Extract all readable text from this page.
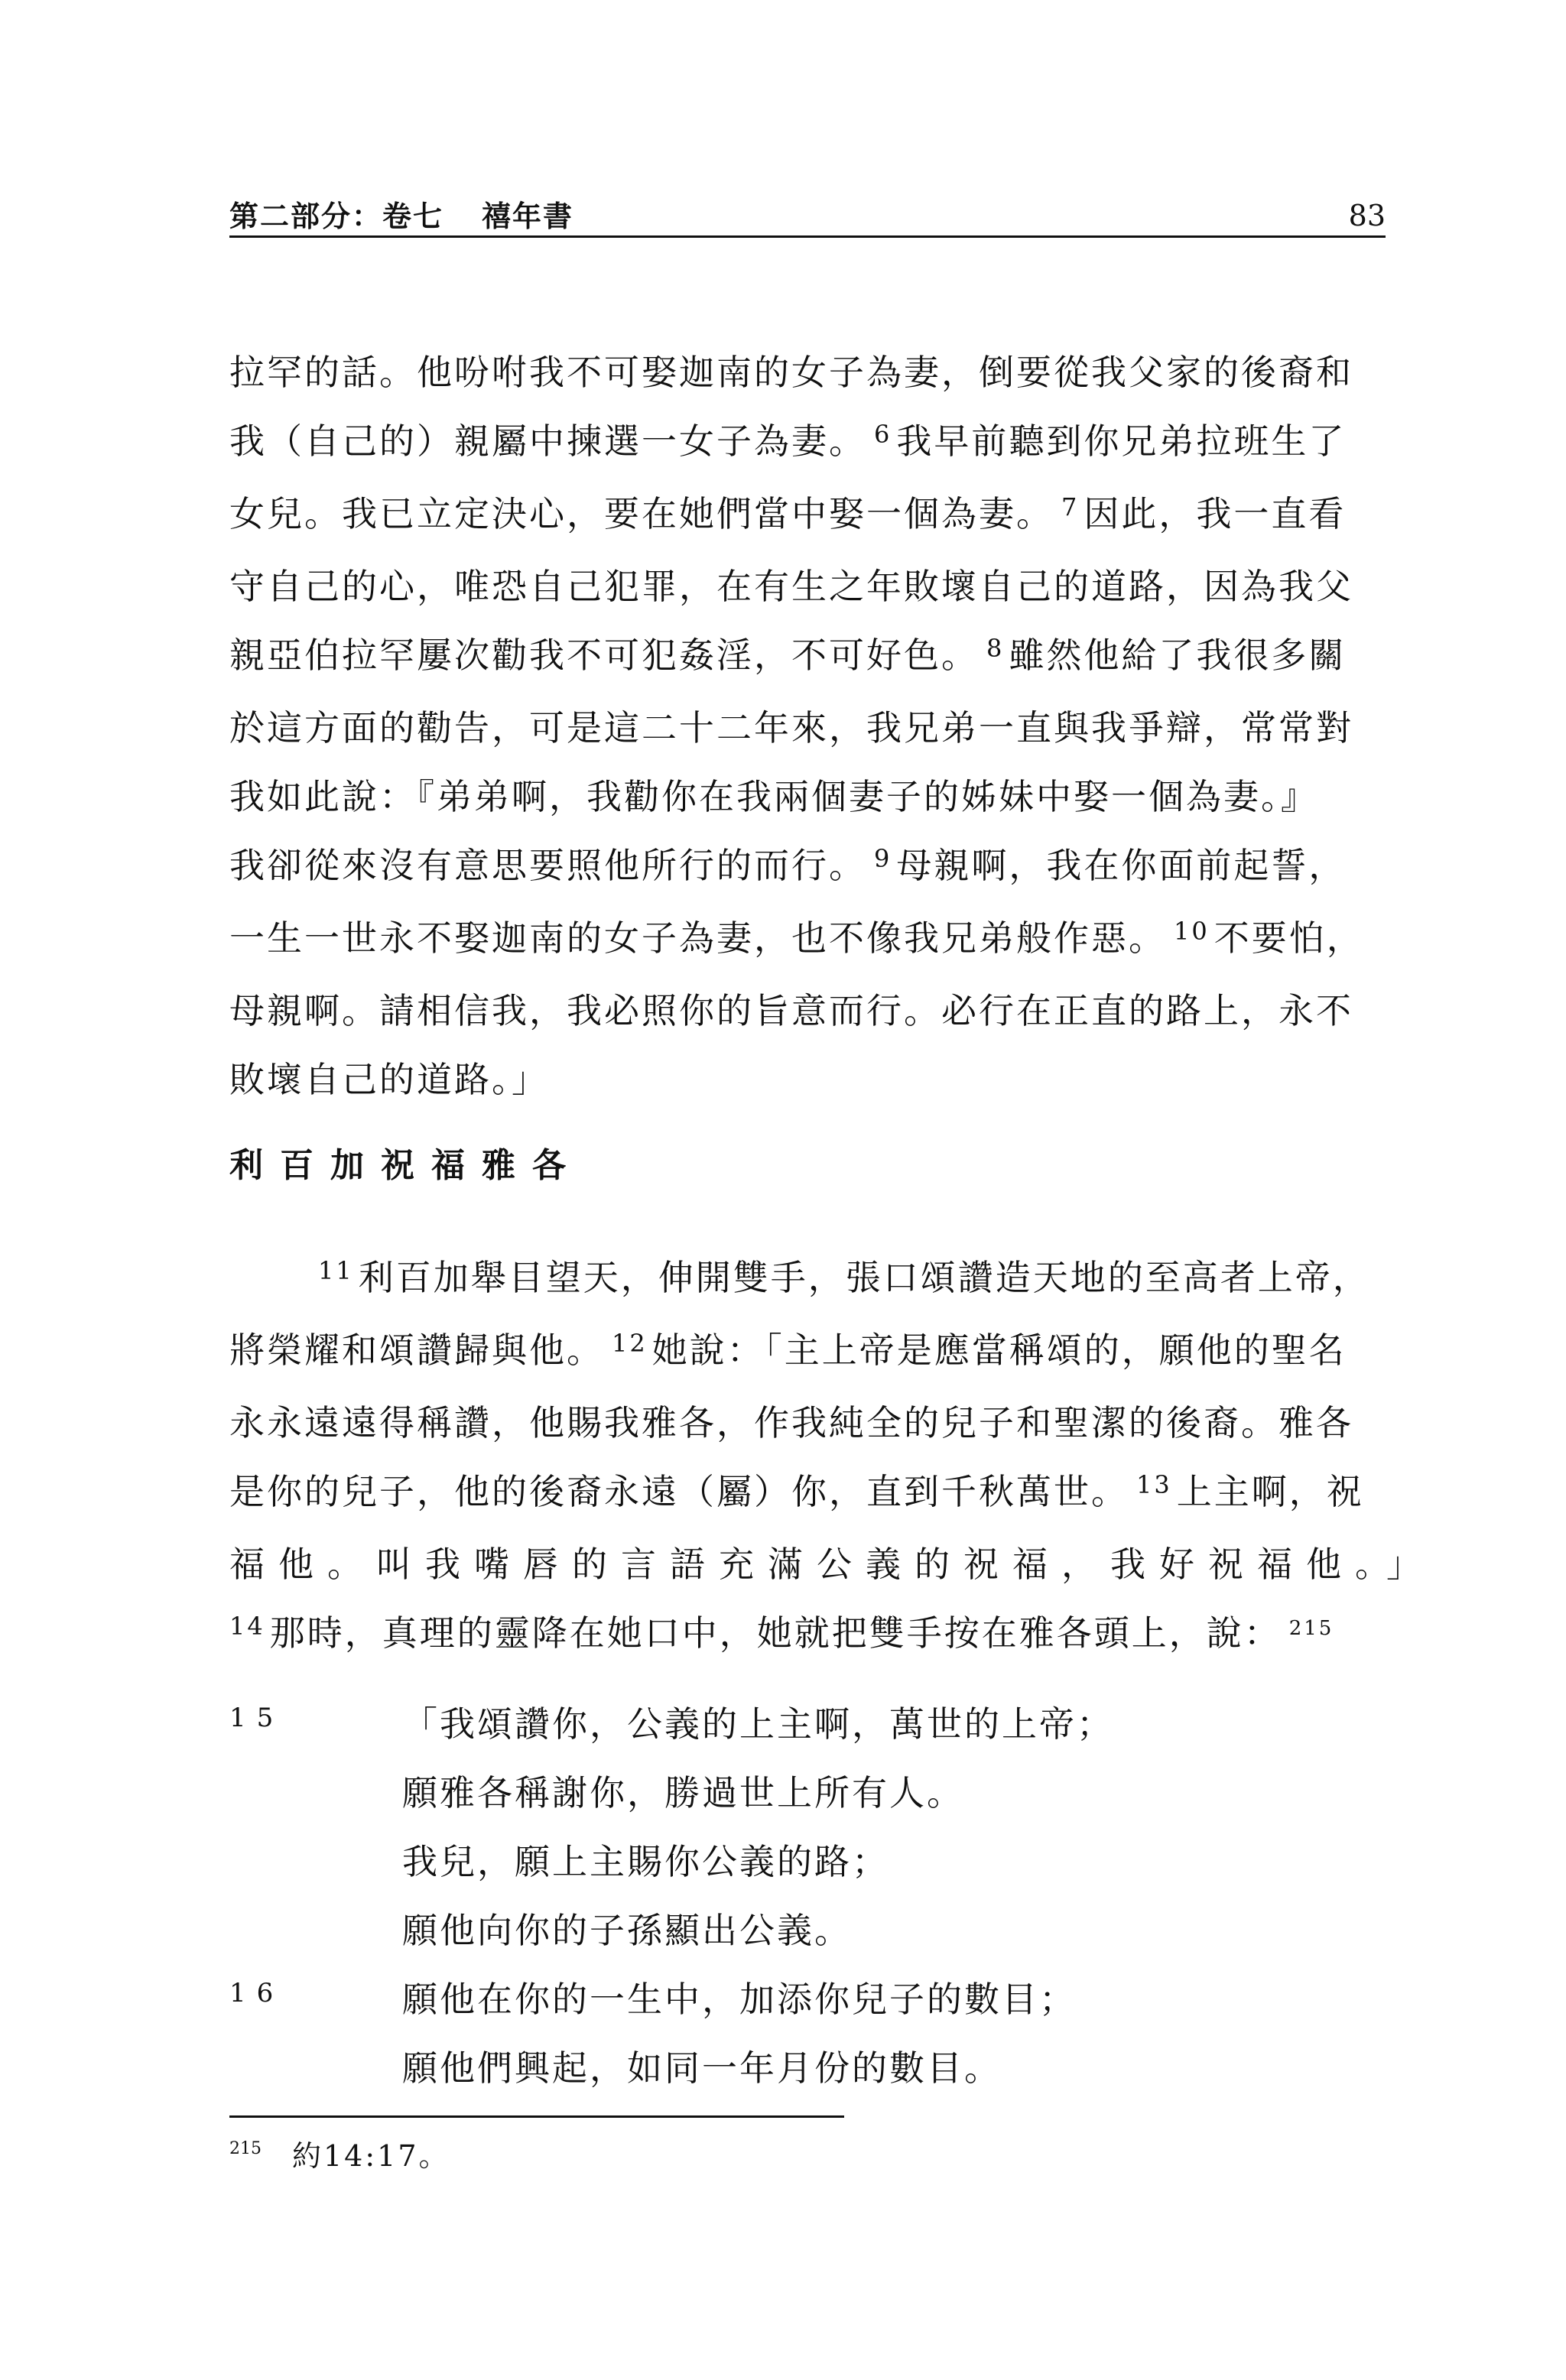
第二部分：卷七 禧年書	83
拉罕的話。他吩咐我不可娶迦南的女子為妻，倒要從我父家的後裔和
我（自己的）親屬中揀選一女子為妻。 $^6$ 我早前聽到你兄弟拉班生了
女兒。我已立定決心，要在她們當中娶一個為妻。 $^7$ 因此，我一直看
守自己的心，唯恐自己犯罪，在有生之年敗壞自己的道路，因為我父
親亞伯拉罕屢次勸我不可犯姦淫，不可好色。 $^8$ 雖然他給了我很多關
於這方面的勸告，可是這二十二年來，我兄弟一直與我爭辯，常常對
我如此說：『弟弟啊，我勸你在我兩個妻子的姊妹中娶一個為妻。』
我卻從來沒有意思要照他所行的而行。 $^9$ 母親啊，我在你面前起誓，
一生一世永不娶迦南的女子為妻，也不像我兄弟般作惡。 $^{10}$ 不要怕，
母親啊。請相信我，我必照你的旨意而行。必行在正直的路上，永不
敗壞自己的道路。」
利百加祝福雅各
$^{11}$ 利百加舉目望天，伸開雙手，張口頌讚造天地的至高者上帝，
將榮耀和頌讚歸與他。 $^{12}$ 她說：「主上帝是應當稱頌的，願他的聖名
永永遠遠得稱讚，他賜我雅各，作我純全的兒子和聖潔的後裔。雅各
是你的兒子，他的後裔永遠（屬）你，直到千秋萬世。 $^{13}$ 上主啊，祝
福他。叫我嘴唇的言語充滿公義的祝福，我好祝福他。」
$^{14}$ 那時，真理的靈降在她口中，她就把雙手按在雅各頭上，說： $^{215}$
15	「我頌讚你，公義的上主啊，萬世的上帝；
願雅各稱謝你，勝過世上所有人。
我兒，願上主賜你公義的路；
願他向你的子孫顯出公義。
16	願他在你的一生中，加添你兒子的數目；
願他們興起，如同一年月份的數目。
$^{215}$ 約14:17。
